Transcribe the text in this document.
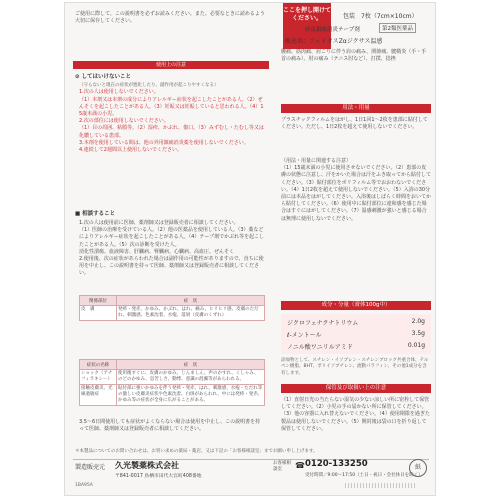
ご使用に際して、この説明書を必ずお読みください。また、必要なときに読めるよう大切に保存してください。
使用上の注意
⊘ してはいけないこと
（守らないと現在の症状が悪化したり、副作用が起こりやすくなる）
1.次の人は使用しないでください。
（1）本剤又は本剤の成分によりアレルギー症状を起こしたことがある人。（2）ぜんそくを起こしたことがある人。（3）妊娠又は妊娠していると思われる人。（4）15歳未満の小児。
2.次の部位には使用しないでください。
（1）目の周囲、粘膜等。（2）湿疹、かぶれ、傷口。（3）みずむし・たむし等又は化膿している患部。
3.本剤を使用している間は、他の外用鎮痛消炎薬を使用しないでください。
4.連続して2週間以上使用しないでください。
■ 相談すること
1.次の人は使用前に医師、薬剤師又は登録販売者に相談してください。
（1）医師の治療を受けている人。（2）他の医薬品を使用している人。（3）薬などによりアレルギー症状を起こしたことがある人。（4）テープ剤でかぶれ等を起こしたことがある人。（5）次の診断を受けた人。
消化性潰瘍、血液障害、肝臓病、腎臓病、心臓病、高血圧、ぜんそく
2.使用後、次の症状があらわれた場合は副作用の可能性がありますので、直ちに使用を中止し、この説明書を持って医師、薬剤師又は登録販売者に相談してください。
関係部位	症　状
皮　膚	発疹・発赤、かゆみ、かぶれ、はれ、痛み、ヒリヒリ感、皮膚のただれ、刺激感、色素沈着、水疱、落屑（皮膚のくずれ）
症状の名称	症　状
ショック（アナフィラキシー）	使用後すぐに、皮膚のかゆみ、じんましん、声のかすれ、くしゃみ、のどのかゆみ、息苦しさ、動悸、意識の混濁等があらわれる。
接触皮膚炎、光線過敏症	貼付部に強いかゆみを伴う発疹・発赤、はれ、刺激感、水疱・ただれ等の激しい皮膚炎症状や色素沈着、白斑があらわれ、中には発疹・発赤、かゆみ等の症状が全身に広がることがある。
3.5〜6日間使用しても症状がよくならない場合は使用を中止し、この説明書を持って医師、薬剤師又は登録販売者に相談してください。
ここを押し開けてください。	包装　7枚（7cm×10cm）
経皮鎮痛消炎テープ剤	第2類医薬品
販売名：フェイタスZαジクサス温感
腰痛、筋肉痛、肩こりに伴う肩の痛み、関節痛、腱鞘炎（手・手首の痛み）、肘の痛み（テニス肘など）、打撲、捻挫
用法・用量
プラスチックフィルムをはがし、1日1回1〜2枚を患部に貼付してください。ただし、1日2枚を超えて使用しないでください。
（用法・用量に関連する注意）
（1）15歳未満の小児に使用させないでください。（2）患部の皮膚の状態に注意し、汗をかいた場合は汗をふき取ってから貼付してください。（3）貼付部位をポリフィルム等でおおわないでください。（4）1日2枚を超えて使用しないでください。（5）入浴の30分前には本品をはがしてください。入浴後はしばらく時間をおいてから貼付してください。（6）使用中に貼付部位に違和感を感じた場合はすぐにはがしてください。（7）温感刺激が強いと感じる場合は無理に使用しないでください。
成分・分量（膏体100g中）
ジクロフェナクナトリウム	2.0g
ℓ-メントール	3.5g
ノニル酸ワニリルアミド	0.01g
添加物として、スチレン・イソプレン・スチレンブロック共重合体、テルペン樹脂、BHT、ポリイソブチレン、流動パラフィン、その他1成分を含有します。
保管及び取扱い上の注意
（1）直射日光の当たらない湿気の少ない涼しい所に密栓して保管してください。（2）小児の手の届かない所に保管してください。（3）他の容器に入れ替えないでください。（4）使用期限を過ぎた製品は使用しないでください。（5）開封後は袋の口を折り返して保管してください。
＊本製品についてのお問い合わせは、お買い求めの薬局・薬店、又は下記の「お客様相談室」までお願い申し上げます。
製造販売元 久光製薬株式会社
〒841-0017 鳥栖市田代大官町408番地
お客様相談室	☎ 0120-133250
受付時間／9:00〜17:50（土日・祝日・会社休日を除く）
紙
1BA95A
